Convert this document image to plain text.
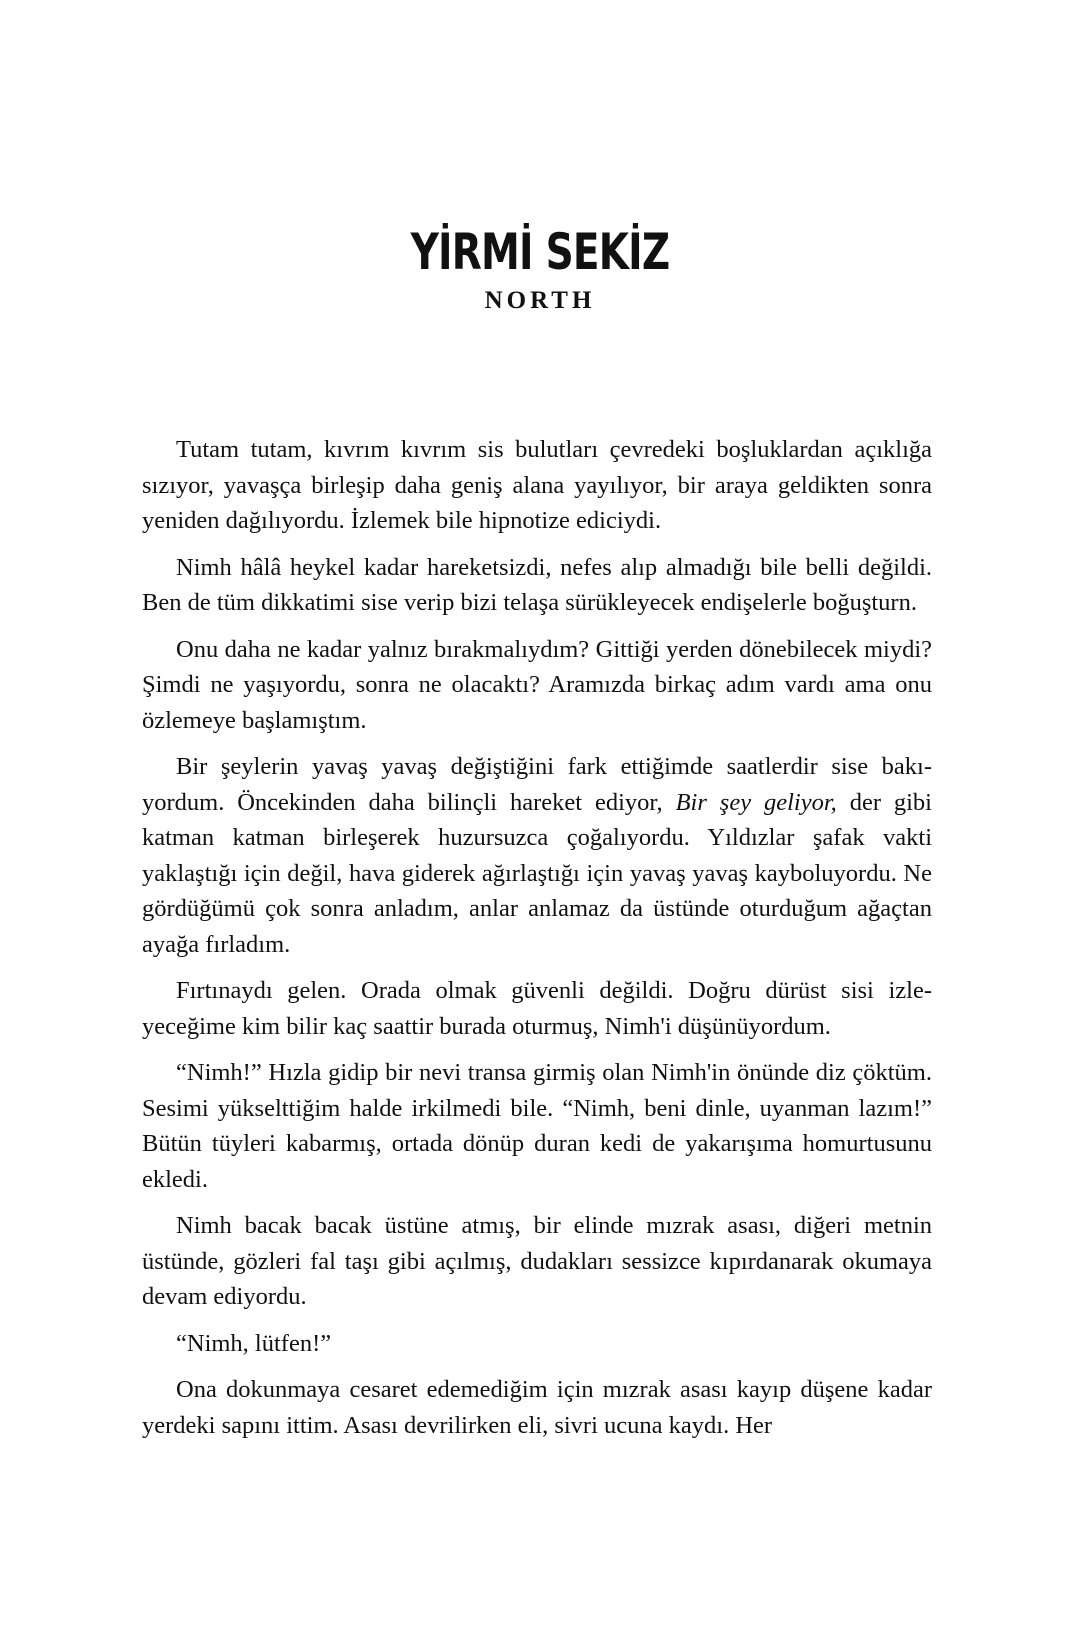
YİRMİ SEKİZ
NORTH

Tutam tutam, kıvrım kıvrım sis bulutları çevredeki boşluklardan açıklığa sızıyor, yavaşça birleşip daha geniş alana yayılıyor, bir araya geldikten sonra yeniden dağılıyordu. İzlemek bile hipnotize ediciydi.

Nimh hâlâ heykel kadar hareketsizdi, nefes alıp almadığı bile belli değildi. Ben de tüm dikkatimi sise verip bizi telaşa sürükleyecek endişelerle boğuşturn.

Onu daha ne kadar yalnız bırakmalıydım? Gittiği yerden dönebilecek miydi? Şimdi ne yaşıyordu, sonra ne olacaktı? Aramızda birkaç adım vardı ama onu özlemeye başlamıştım.

Bir şeylerin yavaş yavaş değiştiğini fark ettiğimde saatlerdir sise bakıyordum. Öncekinden daha bilinçli hareket ediyor, Bir şey geliyor, der gibi katman katman birleşerek huzursuzca çoğalıyordu. Yıldızlar şafak vakti yaklaştığı için değil, hava giderek ağırlaştığı için yavaş yavaş kayboluyordu. Ne gördüğümü çok sonra anladım, anlar anlamaz da üstünde oturduğum ağaçtan ayağa fırladım.

Fırtınaydı gelen. Orada olmak güvenli değildi. Doğru dürüst sisi izleyeceğime kim bilir kaç saattir burada oturmuş, Nimh'i düşünüyordum.

“Nimh!” Hızla gidip bir nevi transa girmiş olan Nimh'in önünde diz çöktüm. Sesimi yükselttiğim halde irkilmedi bile. “Nimh, beni dinle, uyanman lazım!” Bütün tüyleri kabarmış, ortada dönüp duran kedi de yakarışıma homurtusunu ekledi.

Nimh bacak bacak üstüne atmış, bir elinde mızrak asası, diğeri metnin üstünde, gözleri fal taşı gibi açılmış, dudakları sessizce kıpırdanarak okumaya devam ediyordu.

“Nimh, lütfen!”

Ona dokunmaya cesaret edemediğim için mızrak asası kayıp düşene kadar yerdeki sapını ittim. Asası devrilirken eli, sivri ucuna kaydı. Her
